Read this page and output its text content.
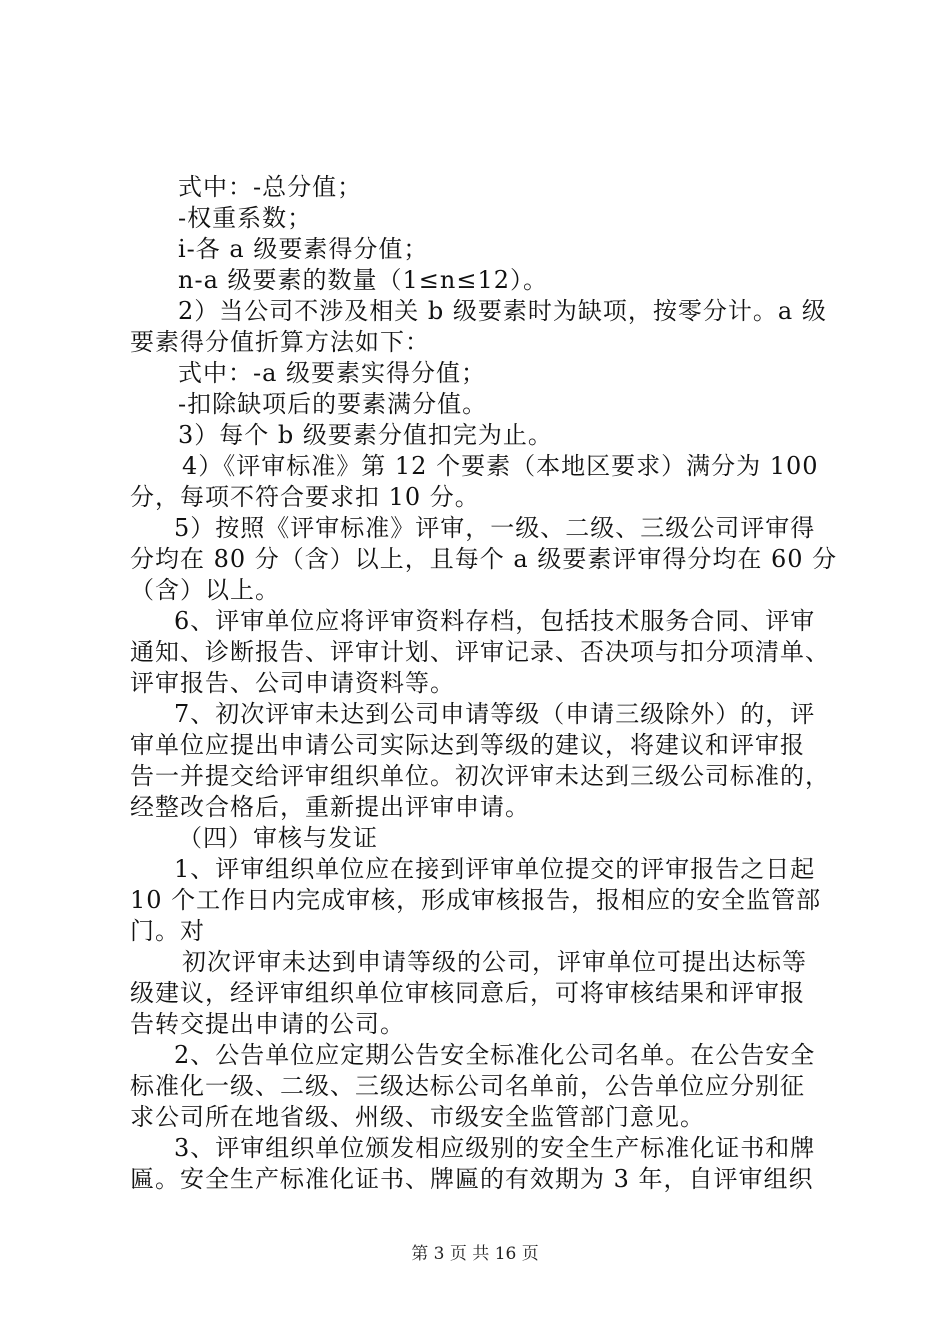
式中：-总分值；

-权重系数；

i-各 a 级要素得分值；

n-a 级要素的数量（1≤n≤12）。

2）当公司不涉及相关 b 级要素时为缺项，按零分计。a 级

要素得分值折算方法如下：

式中：-a 级要素实得分值；

-扣除缺项后的要素满分值。

3）每个 b 级要素分值扣完为止。

4）《评审标准》第 12 个要素（本地区要求）满分为 100

分，每项不符合要求扣 10 分。

5）按照《评审标准》评审，一级、二级、三级公司评审得

分均在 80 分（含）以上，且每个 a 级要素评审得分均在 60 分

（含）以上。

6、评审单位应将评审资料存档，包括技术服务合同、评审

通知、诊断报告、评审计划、评审记录、否决项与扣分项清单、

评审报告、公司申请资料等。

7、初次评审未达到公司申请等级（申请三级除外）的，评

审单位应提出申请公司实际达到等级的建议，将建议和评审报

告一并提交给评审组织单位。初次评审未达到三级公司标准的，

经整改合格后，重新提出评审申请。

（四）审核与发证

1、评审组织单位应在接到评审单位提交的评审报告之日起

10 个工作日内完成审核，形成审核报告，报相应的安全监管部

门。对

初次评审未达到申请等级的公司，评审单位可提出达标等

级建议，经评审组织单位审核同意后，可将审核结果和评审报

告转交提出申请的公司。

2、公告单位应定期公告安全标准化公司名单。在公告安全

标准化一级、二级、三级达标公司名单前，公告单位应分别征

求公司所在地省级、州级、市级安全监管部门意见。

3、评审组织单位颁发相应级别的安全生产标准化证书和牌

匾。安全生产标准化证书、牌匾的有效期为 3 年，自评审组织

第 3 页 共 16 页
